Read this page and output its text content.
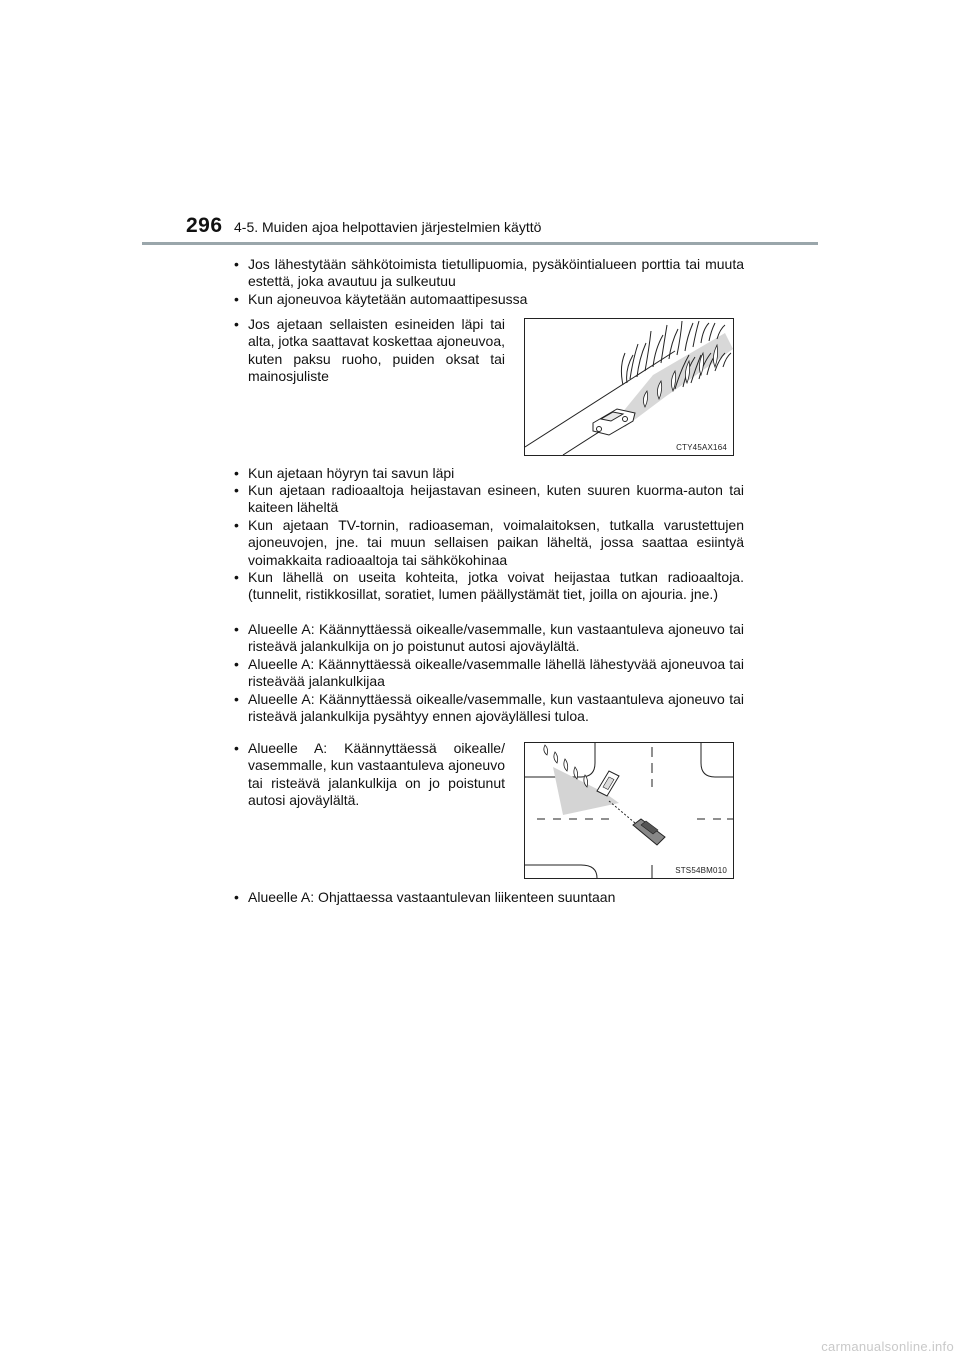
296 4-5. Muiden ajoa helpottavien järjestelmien käyttö
• Jos lähestytään sähkötoimista tietullipuomia, pysäköintialueen porttia tai muuta estettä, joka avautuu ja sulkeutuu
• Kun ajoneuvoa käytetään automaattipesussa
• Jos ajetaan sellaisten esineiden läpi tai alta, jotka saattavat koskettaa ajoneuvoa, kuten paksu ruoho, puiden oksat tai mainosjuliste
CTY45AX164
• Kun ajetaan höyryn tai savun läpi
• Kun ajetaan radioaaltoja heijastavan esineen, kuten suuren kuorma-auton tai kaiteen läheltä
• Kun ajetaan TV-tornin, radioaseman, voimalaitoksen, tutkalla varustettujen ajoneuvojen, jne. tai muun sellaisen paikan läheltä, jossa saattaa esiintyä voimakkaita radioaaltoja tai sähkökohinaa
• Kun lähellä on useita kohteita, jotka voivat heijastaa tutkan radioaaltoja. (tunnelit, ristikkosillat, soratiet, lumen päällystämät tiet, joilla on ajouria. jne.)
• Alueelle A: Käännyttäessä oikealle/vasemmalle, kun vastaantuleva ajoneuvo tai risteävä jalankulkija on jo poistunut autosi ajoväylältä.
• Alueelle A: Käännyttäessä oikealle/vasemmalle lähellä lähestyvää ajoneuvoa tai risteävää jalankulkijaa
• Alueelle A: Käännyttäessä oikealle/vasemmalle, kun vastaantuleva ajoneuvo tai risteävä jalankulkija pysähtyy ennen ajoväylällesi tuloa.
• Alueelle A: Käännyttäessä oikealle/ vasemmalle, kun vastaantuleva ajoneuvo tai risteävä jalankulkija on jo poistunut autosi ajoväylältä.
STS54BM010
• Alueelle A: Ohjattaessa vastaantulevan liikenteen suuntaan
carmanualsonline.info
